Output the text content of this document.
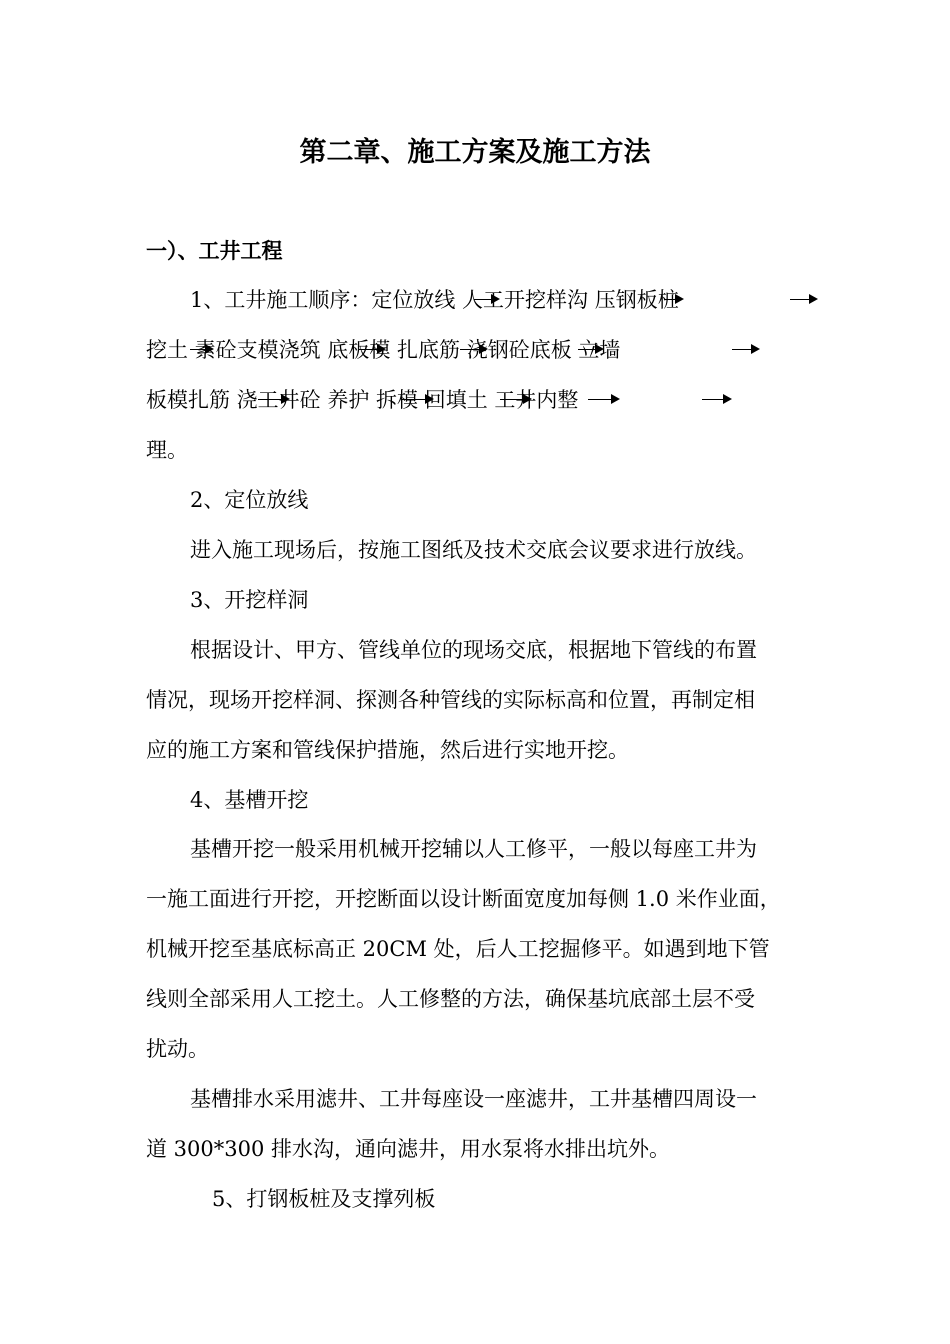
第二章、施工方案及施工方法

一）、工井工程

1、工井施工顺序：定位放线 人工开挖样沟 压钢板桩

挖土 素砼支模浇筑 底板模 扎底筋 浇钢砼底板 立墙

板模扎筋 浇工井砼 养护 拆模 回填土 工井内整

理。

2、定位放线

进入施工现场后，按施工图纸及技术交底会议要求进行放线。

3、开挖样洞

根据设计、甲方、管线单位的现场交底，根据地下管线的布置

情况，现场开挖样洞、探测各种管线的实际标高和位置，再制定相

应的施工方案和管线保护措施，然后进行实地开挖。

4、基槽开挖

基槽开挖一般采用机械开挖辅以人工修平，一般以每座工井为

一施工面进行开挖，开挖断面以设计断面宽度加每侧 1.0 米作业面，

机械开挖至基底标高正 20CM 处，后人工挖掘修平。如遇到地下管

线则全部采用人工挖土。人工修整的方法，确保基坑底部土层不受

扰动。

基槽排水采用滤井、工井每座设一座滤井，工井基槽四周设一

道 300*300 排水沟，通向滤井，用水泵将水排出坑外。

5、打钢板桩及支撑列板
